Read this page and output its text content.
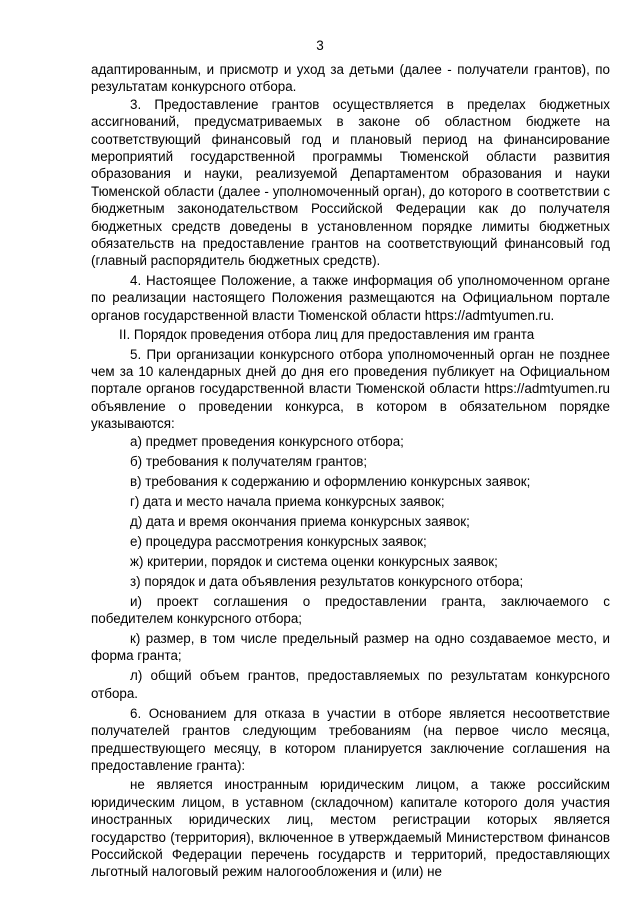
3

адаптированным, и присмотр и уход за детьми (далее - получатели грантов), по результатам конкурсного отбора.

3. Предоставление грантов осуществляется в пределах бюджетных ассигнований, предусматриваемых в законе об областном бюджете на соответствующий финансовый год и плановый период на финансирование мероприятий государственной программы Тюменской области развития образования и науки, реализуемой Департаментом образования и науки Тюменской области (далее - уполномоченный орган), до которого в соответствии с бюджетным законодательством Российской Федерации как до получателя бюджетных средств доведены в установленном порядке лимиты бюджетных обязательств на предоставление грантов на соответствующий финансовый год (главный распорядитель бюджетных средств).

4. Настоящее Положение, а также информация об уполномоченном органе по реализации настоящего Положения размещаются на Официальном портале органов государственной власти Тюменской области https://admtyumen.ru.

II. Порядок проведения отбора лиц для предоставления им гранта

5. При организации конкурсного отбора уполномоченный орган не позднее чем за 10 календарных дней до дня его проведения публикует на Официальном портале органов государственной власти Тюменской области https://admtyumen.ru объявление о проведении конкурса, в котором в обязательном порядке указываются:

а) предмет проведения конкурсного отбора;

б) требования к получателям грантов;

в) требования к содержанию и оформлению конкурсных заявок;

г) дата и место начала приема конкурсных заявок;

д) дата и время окончания приема конкурсных заявок;

е) процедура рассмотрения конкурсных заявок;

ж) критерии, порядок и система оценки конкурсных заявок;

з) порядок и дата объявления результатов конкурсного отбора;

и) проект соглашения о предоставлении гранта, заключаемого с победителем конкурсного отбора;

к) размер, в том числе предельный размер на одно создаваемое место, и форма гранта;

л) общий объем грантов, предоставляемых по результатам конкурсного отбора.

6. Основанием для отказа в участии в отборе является несоответствие получателей грантов следующим требованиям (на первое число месяца, предшествующего месяцу, в котором планируется заключение соглашения на предоставление гранта):

не является иностранным юридическим лицом, а также российским юридическим лицом, в уставном (складочном) капитале которого доля участия иностранных юридических лиц, местом регистрации которых является государство (территория), включенное в утверждаемый Министерством финансов Российской Федерации перечень государств и территорий, предоставляющих льготный налоговый режим налогообложения и (или) не
